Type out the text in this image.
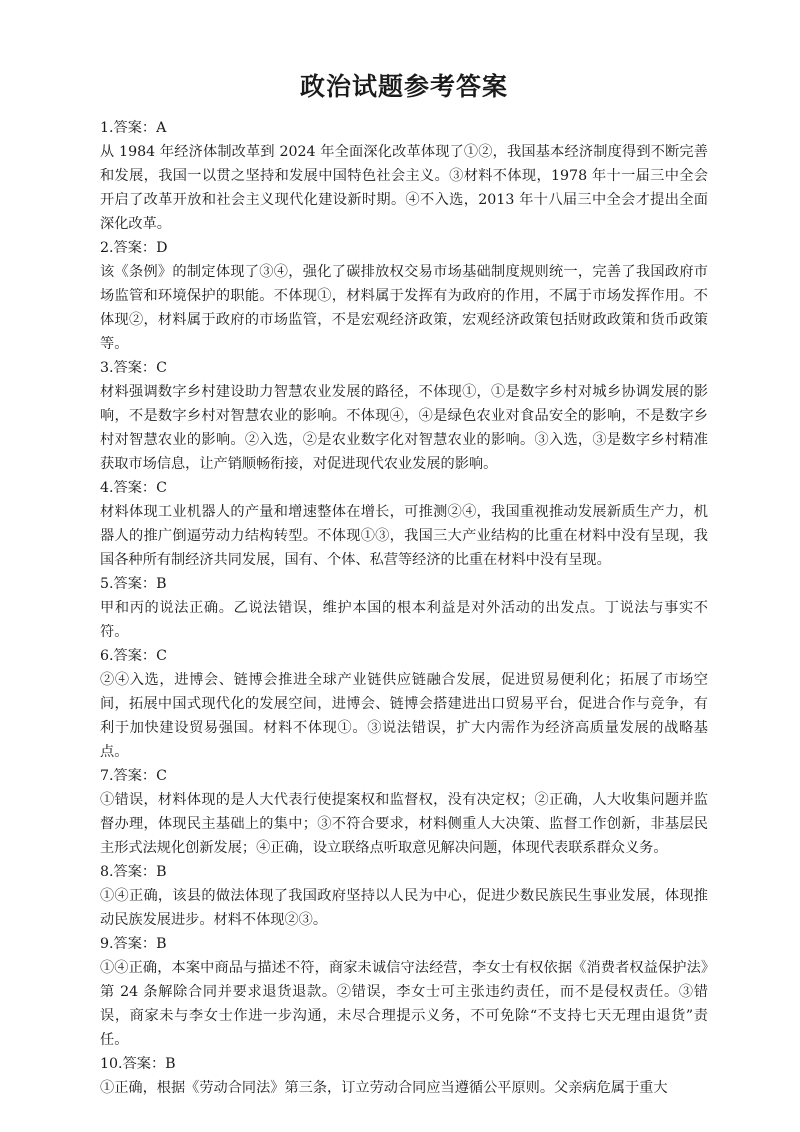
政治试题参考答案

1.答案：A

从 1984 年经济体制改革到 2024 年全面深化改革体现了①②，我国基本经济制度得到不断完善和发展，我国一以贯之坚持和发展中国特色社会主义。③材料不体现，1978 年十一届三中全会开启了改革开放和社会主义现代化建设新时期。④不入选，2013 年十八届三中全会才提出全面深化改革。

2.答案：D

该《条例》的制定体现了③④，强化了碳排放权交易市场基础制度规则统一，完善了我国政府市场监管和环境保护的职能。不体现①，材料属于发挥有为政府的作用，不属于市场发挥作用。不体现②，材料属于政府的市场监管，不是宏观经济政策，宏观经济政策包括财政政策和货币政策等。

3.答案：C

材料强调数字乡村建设助力智慧农业发展的路径，不体现①，①是数字乡村对城乡协调发展的影响，不是数字乡村对智慧农业的影响。不体现④，④是绿色农业对食品安全的影响，不是数字乡村对智慧农业的影响。②入选，②是农业数字化对智慧农业的影响。③入选，③是数字乡村精准获取市场信息，让产销顺畅衔接，对促进现代农业发展的影响。

4.答案：C

材料体现工业机器人的产量和增速整体在增长，可推测②④，我国重视推动发展新质生产力，机器人的推广倒逼劳动力结构转型。不体现①③，我国三大产业结构的比重在材料中没有呈现，我国各种所有制经济共同发展，国有、个体、私营等经济的比重在材料中没有呈现。

5.答案：B

甲和丙的说法正确。乙说法错误，维护本国的根本利益是对外活动的出发点。丁说法与事实不符。

6.答案：C

②④入选，进博会、链博会推进全球产业链供应链融合发展，促进贸易便利化；拓展了市场空间，拓展中国式现代化的发展空间，进博会、链博会搭建进出口贸易平台，促进合作与竞争，有利于加快建设贸易强国。材料不体现①。③说法错误，扩大内需作为经济高质量发展的战略基点。

7.答案：C

①错误，材料体现的是人大代表行使提案权和监督权，没有决定权；②正确，人大收集问题并监督办理，体现民主基础上的集中；③不符合要求，材料侧重人大决策、监督工作创新，非基层民主形式法规化创新发展；④正确，设立联络点听取意见解决问题，体现代表联系群众义务。

8.答案：B

①④正确，该县的做法体现了我国政府坚持以人民为中心，促进少数民族民生事业发展，体现推动民族发展进步。材料不体现②③。

9.答案：B

①④正确，本案中商品与描述不符，商家未诚信守法经营，李女士有权依据《消费者权益保护法》第 24 条解除合同并要求退货退款。②错误，李女士可主张违约责任，而不是侵权责任。③错误，商家未与李女士作进一步沟通，未尽合理提示义务，不可免除“不支持七天无理由退货”责任。

10.答案：B

①正确，根据《劳动合同法》第三条，订立劳动合同应当遵循公平原则。父亲病危属于重大
